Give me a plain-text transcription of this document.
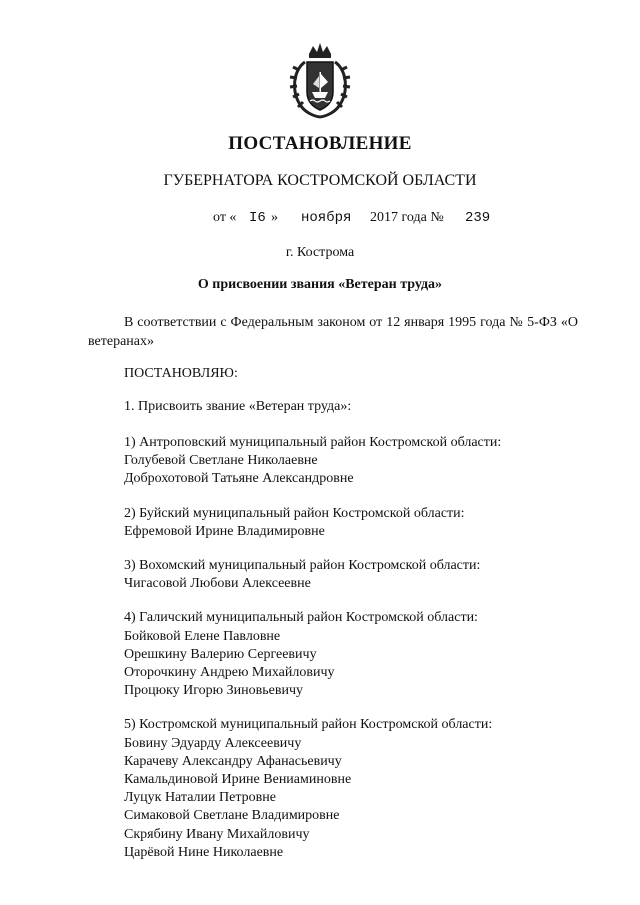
ПОСТАНОВЛЕНИЕ
ГУБЕРНАТОРА КОСТРОМСКОЙ ОБЛАСТИ
от « I6 » ноября 2017 года № 239
г. Кострома
О присвоении звания «Ветеран труда»
В соответствии с Федеральным законом от 12 января 1995 года № 5-ФЗ «О ветеранах»
ПОСТАНОВЛЯЮ:
1. Присвоить звание «Ветеран труда»:
1) Антроповский муниципальный район Костромской области:
Голубевой Светлане Николаевне
Доброхотовой Татьяне Александровне
2) Буйский муниципальный район Костромской области:
Ефремовой Ирине Владимировне
3) Вохомский муниципальный район Костромской области:
Чигасовой Любови Алексеевне
4) Галичский муниципальный район Костромской области:
Бойковой Елене Павловне
Орешкину Валерию Сергеевичу
Оторочкину Андрею Михайловичу
Процюку Игорю Зиновьевичу
5) Костромской муниципальный район Костромской области:
Бовину Эдуарду Алексеевичу
Карачеву Александру Афанасьевичу
Камальдиновой Ирине Вениаминовне
Луцук Наталии Петровне
Симаковой Светлане Владимировне
Скрябину Ивану Михайловичу
Царёвой Нине Николаевне
